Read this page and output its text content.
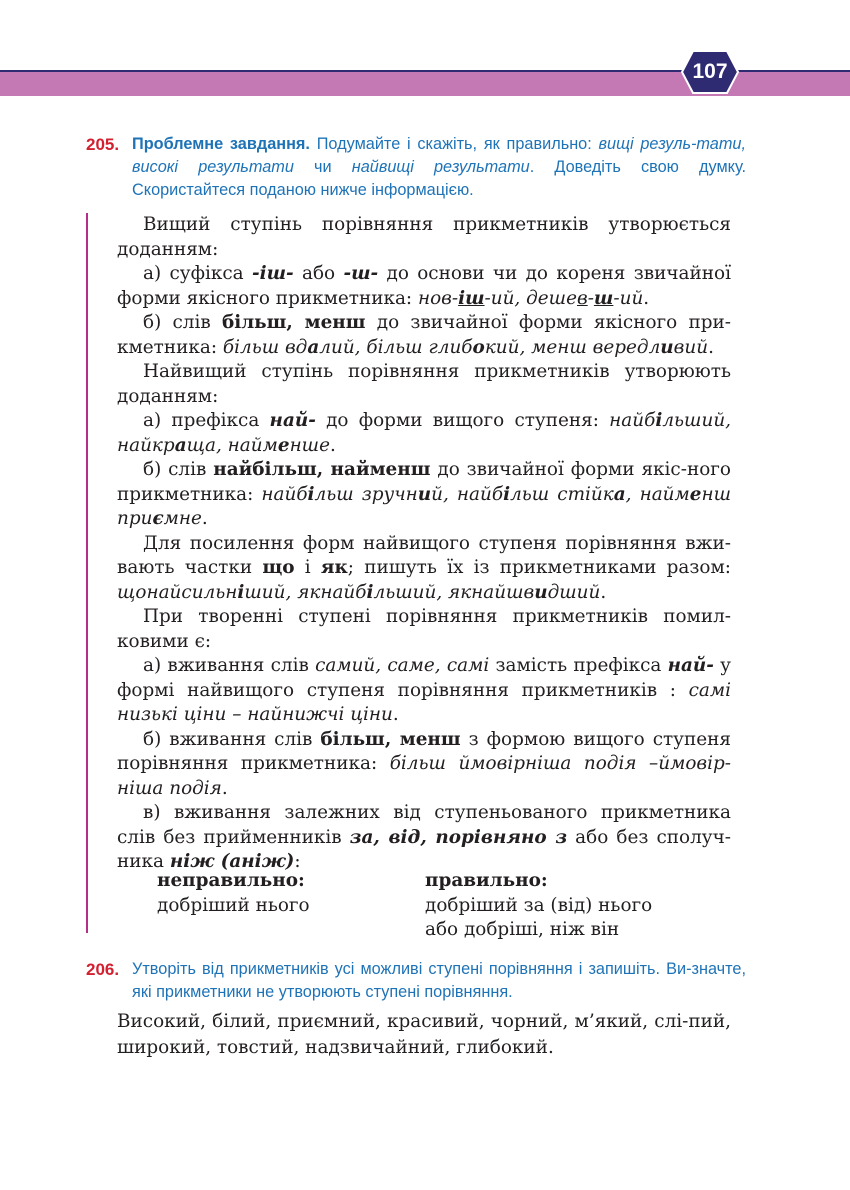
107
205. Проблемне завдання. Подумайте і скажіть, як правильно: вищі резуль-тати, високі результати чи найвищі результати. Доведіть свою думку. Скористайтеся поданою нижче інформацією.

Вищий ступінь порівняння прикметників утворюється доданням:

а) суфікса -іш- або -ш- до основи чи до кореня звичайної форми якісного прикметника: нов-іш-ий, дешев-ш-ий.

б) слів більш, менш до звичайної форми якісного при-кметника: більш вдалий, більш глибокий, менш вередливий.

Найвищий ступінь порівняння прикметників утворюють доданням:

а) префікса най- до форми вищого ступеня: найбільший, найкраща, найменше.

б) слів найбільш, найменш до звичайної форми якіс-ного прикметника: найбільш зручний, найбільш стійка, найменш приємне.

Для посилення форм найвищого ступеня порівняння вжи-вають частки що і як; пишуть їх із прикметниками разом: щонайсильніший, якнайбільший, якнайшвидший.

При творенні ступені порівняння прикметників помил-ковими є:

а) вживання слів самий, саме, самі замість префікса най- у формі найвищого ступеня порівняння прикметників : самі низькі ціни – найнижчі ціни.

б) вживання слів більш, менш з формою вищого ступеня порівняння прикметника: більш ймовірніша подія –ймовір-ніша подія.

в) вживання залежних від ступеньованого прикметника слів без прийменників за, від, порівняно з або без сполуч-ника ніж (аніж):

неправильно:
добріший нього
правильно:
добріший за (від) нього
або добріші, ніж він
206. Утворіть від прикметників усі можливі ступені порівняння і запишіть. Ви-значте, які прикметники не утворюють ступені порівняння.

Високий, білий, приємний, красивий, чорний, м’який, слі-пий, широкий, товстий, надзвичайний, глибокий.
